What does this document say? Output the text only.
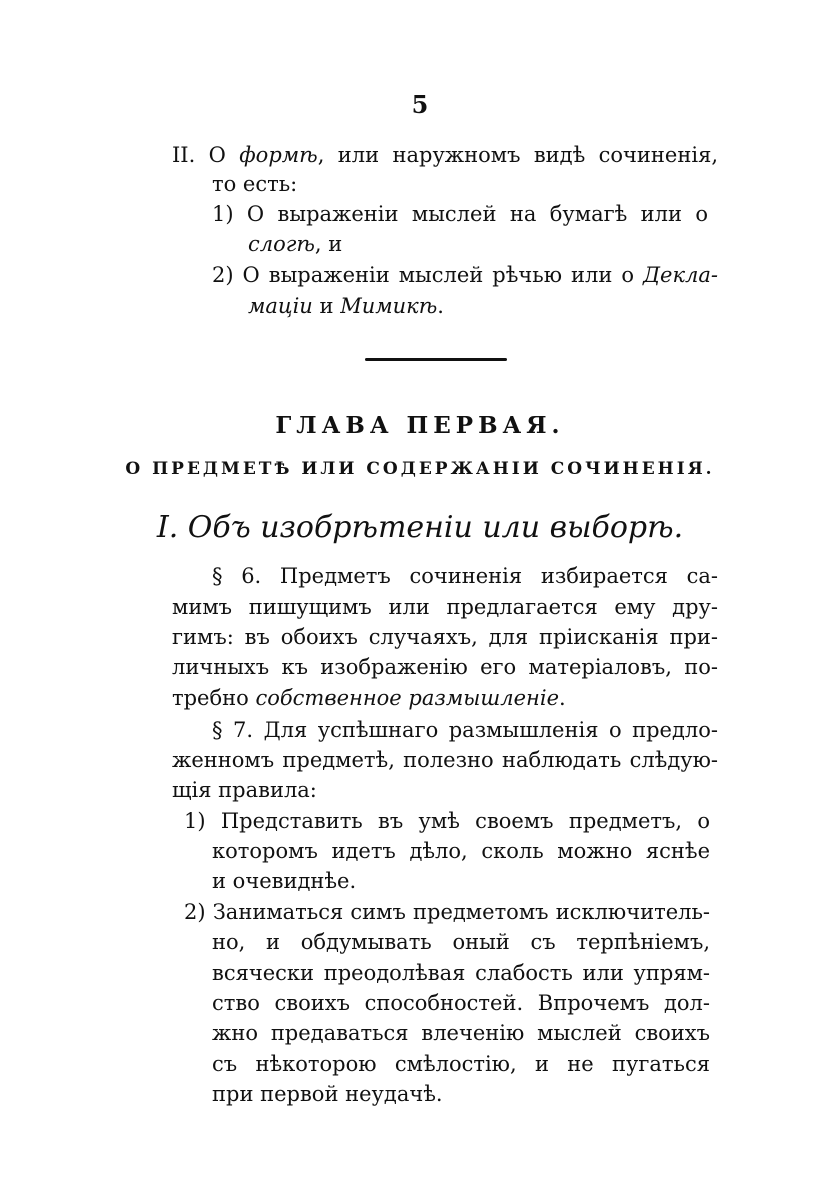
5
II. О формѣ, или наружномъ видѣ сочиненія,
то есть:
1) О выраженіи мыслей на бумагѣ или о
слогѣ, и
2) О выраженіи мыслей рѣчью или о Декла-
маціи и Мимикѣ.
ГЛАВА ПЕРВАЯ.
О ПРЕДМЕТѢ ИЛИ СОДЕРЖАНІИ СОЧИНЕНІЯ.
I. Объ изобрѣтеніи или выборѣ.
§ 6. Предметъ сочиненія избирается са-
мимъ пишущимъ или предлагается ему дру-
гимъ: въ обоихъ случаяхъ, для пріисканія при-
личныхъ къ изображенію его матеріаловъ, по-
требно собственное размышленіе.
§ 7. Для успѣшнаго размышленія о предло-
женномъ предметѣ, полезно наблюдать слѣдую-
щія правила:
1) Представить въ умѣ своемъ предметъ, о
которомъ идетъ дѣло, сколь можно яснѣе
и очевиднѣе.
2) Заниматься симъ предметомъ исключитель-
но, и обдумывать оный съ терпѣніемъ,
всячески преодолѣвая слабость или упрям-
ство своихъ способностей. Впрочемъ дол-
жно предаваться влеченію мыслей своихъ
съ нѣкоторою смѣлостію, и не пугаться
при первой неудачѣ.
